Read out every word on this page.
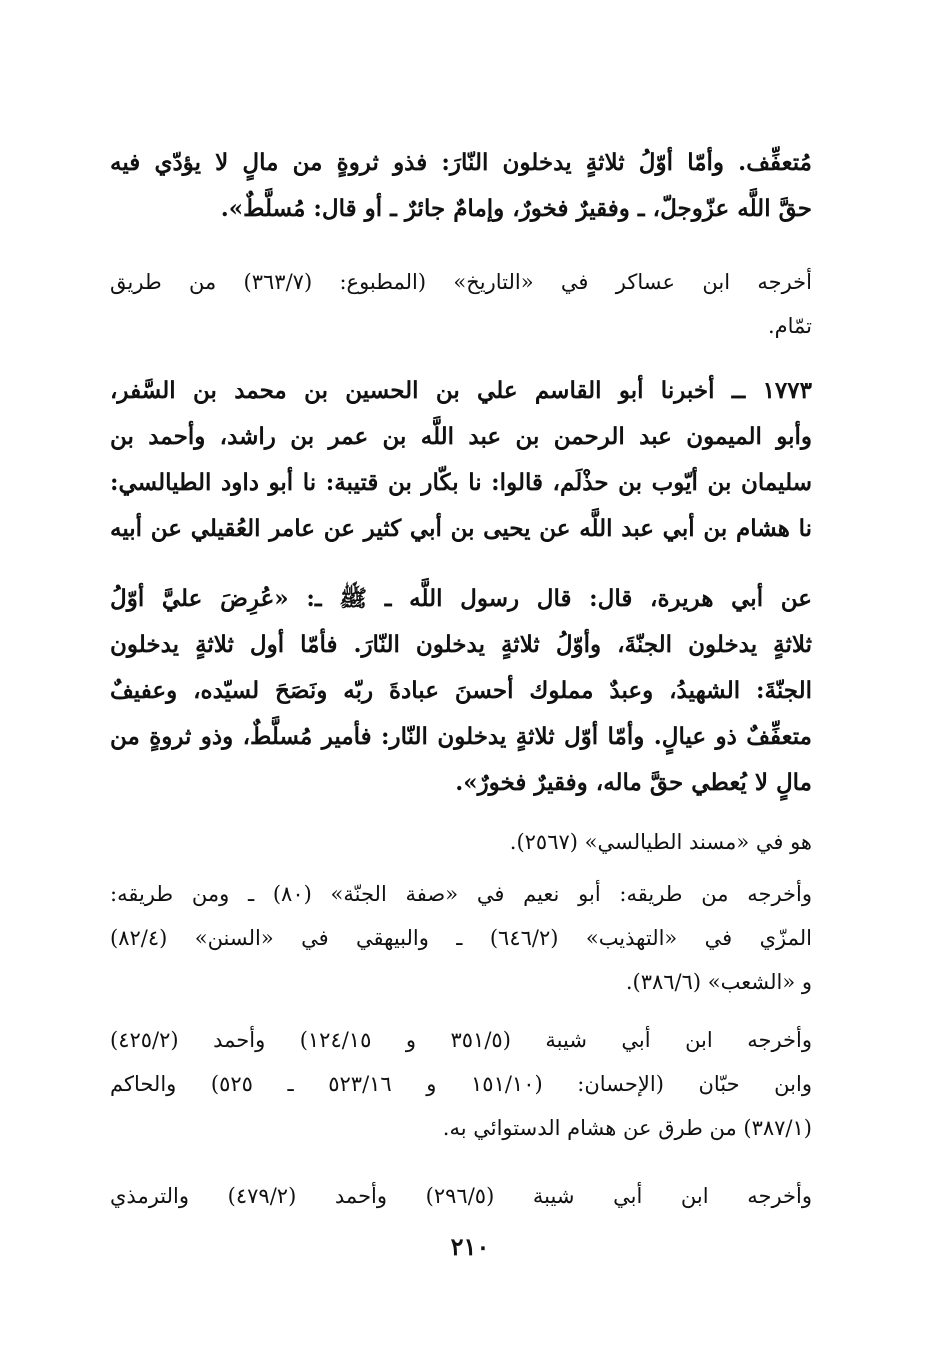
مُتعفِّف. وأمّا أوّلُ ثلاثةٍ يدخلون النّارَ: فذو ثروةٍ من مالٍ لا يؤدّي فيه
حقَّ اللَّه عزّوجلّ، ـ وفقيرٌ فخورٌ، وإمامٌ جائرٌ ـ أو قال: مُسلَّطٌ».
أخرجه ابن عساكر في «التاريخ» (المطبوع: (٣٦٣/٧) من طريق
تمّام.
١٧٧٣ ــ أخبرنا أبو القاسم علي بن الحسين بن محمد بن السَّفر،
وأبو الميمون عبد الرحمن بن عبد اللَّه بن عمر بن راشد، وأحمد بن
سليمان بن أيّوب بن حذْلَم، قالوا: نا بكّار بن قتيبة: نا أبو داود الطيالسي:
نا هشام بن أبي عبد اللَّه عن يحيى بن أبي كثير عن عامر العُقيلي عن أبيه
عن أبي هريرة، قال: قال رسول اللَّه ـ ﷺ ـ: «عُرِضَ عليَّ أوّلُ
ثلاثةٍ يدخلون الجنّةَ، وأوّلُ ثلاثةٍ يدخلون النّارَ. فأمّا أول ثلاثةٍ يدخلون
الجنّةَ: الشهيدُ، وعبدٌ مملوك أحسنَ عبادةَ ربّه ونَصَحَ لسيّده، وعفيفٌ
متعفِّفٌ ذو عيالٍ. وأمّا أوّل ثلاثةٍ يدخلون النّار: فأمير مُسلَّطٌ، وذو ثروةٍ من
مالٍ لا يُعطي حقَّ ماله، وفقيرٌ فخورٌ».
هو في «مسند الطيالسي» (٢٥٦٧).
وأخرجه من طريقه: أبو نعيم في «صفة الجنّة» (٨٠) ـ ومن طريقه:
المزّي في «التهذيب» (٦٤٦/٢) ـ والبيهقي في «السنن» (٨٢/٤)
و «الشعب» (٣٨٦/٦).
وأخرجه ابن أبي شيبة (٣٥١/٥ و ١٢٤/١٥) وأحمد (٤٢٥/٢)
وابن حبّان (الإحسان: (١٥١/١٠ و ٥٢٣/١٦ ـ ٥٢٥) والحاكم
(٣٨٧/١) من طرق عن هشام الدستوائي به.
وأخرجه ابن أبي شيبة (٢٩٦/٥) وأحمد (٤٧٩/٢) والترمذي
٢١٠
